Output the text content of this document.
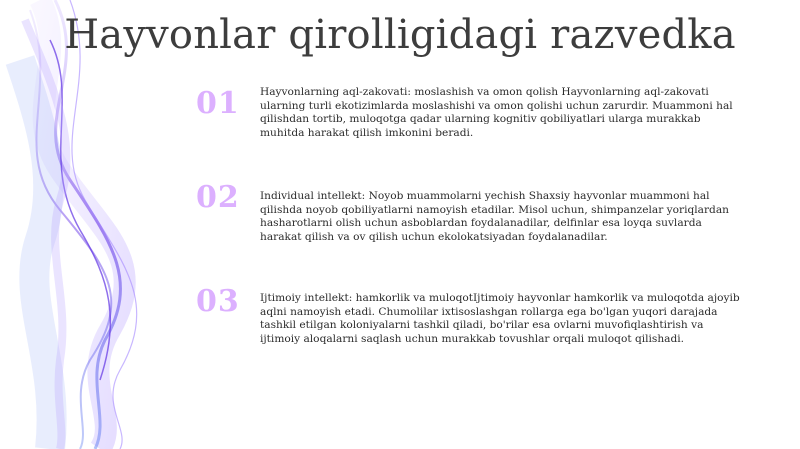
Hayvonlar qirolligidagi razvedka
01	Hayvonlarning aql-zakovati: moslashish va omon qolish Hayvonlarning aql-zakovati ularning turli ekotizimlarda moslashishi va omon qolishi uchun zarurdir. Muammoni hal qilishdan tortib, muloqotga qadar ularning kognitiv qobiliyatlari ularga murakkab muhitda harakat qilish imkonini beradi.
02	Individual intellekt: Noyob muammolarni yechish Shaxsiy hayvonlar muammoni hal qilishda noyob qobiliyatlarni namoyish etadilar. Misol uchun, shimpanzelar yoriqlardan hasharotlarni olish uchun asboblardan foydalanadilar, delfinlar esa loyqa suvlarda harakat qilish va ov qilish uchun ekolokatsiyadan foydalanadilar.
03	Ijtimoiy intellekt: hamkorlik va muloqotIjtimoiy hayvonlar hamkorlik va muloqotda ajoyib aqlni namoyish etadi. Chumolilar ixtisoslashgan rollarga ega bo'lgan yuqori darajada tashkil etilgan koloniyalarni tashkil qiladi, bo'rilar esa ovlarni muvofiqlashtirish va ijtimoiy aloqalarni saqlash uchun murakkab tovushlar orqali muloqot qilishadi.
